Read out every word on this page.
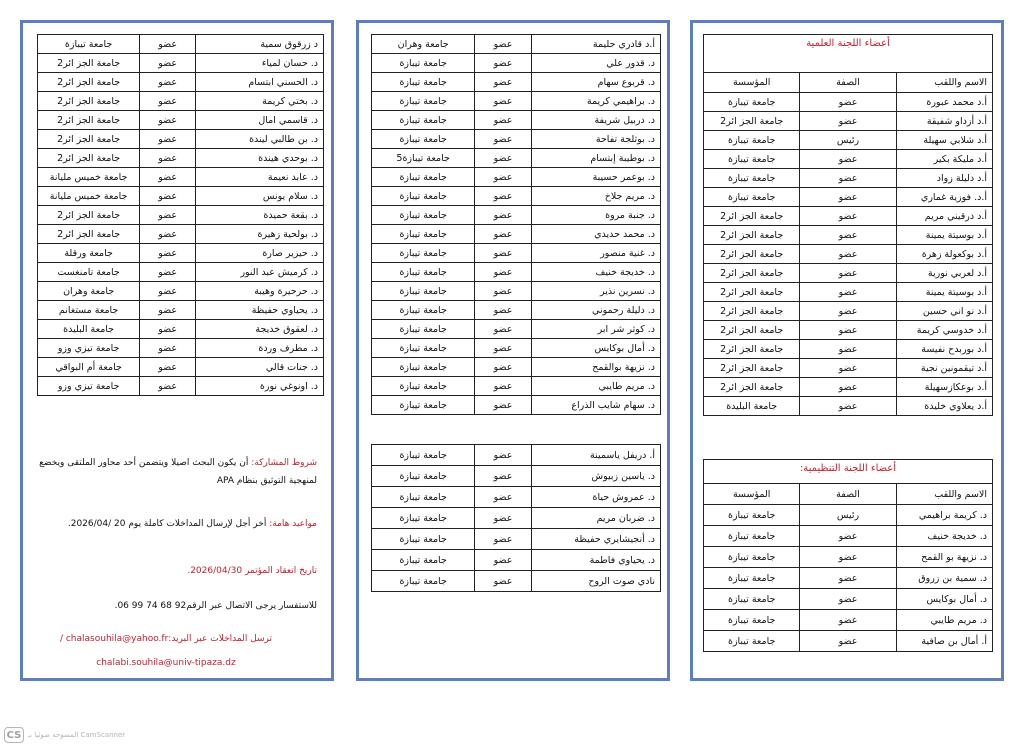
أعضاء اللجنة العلمية		
الاسم واللقب	الصفة	المؤسسة
أ.د محمد عبورة	عضو	جامعة تيبازة
أ.د أزداو شفيقة	عضو	جامعة الجز ائر2
أ.د شلابي سهيلة	رئيس	جامعة تيبازة
أ.د مليكة بكير	عضو	جامعة تيبازة
أ.د دليلة زواد	عضو	جامعة تيبازة
أ.د. فوزية غماري	عضو	جامعة تيبازة
أ.د درقيني مريم	عضو	جامعة الجز ائر2
أ.د بوسيتة يمينة	عضو	جامعة الجز ائر2
أ.د بوكعولة زهرة	عضو	جامعة الجز ائر2
أ.د لعربي نورية	عضو	جامعة الجز ائر2
أ.د بوسيتة يمينة	عضو	جامعة الجز ائر2
أ.د نو اني حسين	عضو	جامعة الجز ائر2
أ.د خدوسي كريمة	عضو	جامعة الجز ائر2
أ.د بوربدح نفيسة	عضو	جامعة الجز ائر2
أ.د تيقمونين نجية	عضو	جامعة الجز ائر2
أ.د بوعكازسهيلة	عضو	جامعة الجز ائر2
أ.د يعلاوي خليدة	عضو	جامعة البليدة
أعضاء اللجنة التنظيمية:		
الاسم واللقب	الصفة	المؤسسة
د. كريمة براهيمي	رئيس	جامعة تيبازة
د. خديجة خنيف	عضو	جامعة تيبازة
د. نزيهة بو القمح	عضو	جامعة تيبازة
د. سمية بن زروق	عضو	جامعة تيبازة
د. أمال بوكايس	عضو	جامعة تيبازة
د. مريم طايبي	عضو	جامعة تيبازة
أ. أمال بن صافية	عضو	جامعة تيبازة
أ.د قادري حليمة	عضو	جامعة وهران
د. قدور علي	عضو	جامعة تيبازة
د. قربوع سهام	عضو	جامعة تيبازة
د. براهيمي كريمة	عضو	جامعة تيبازة
د. دربيل شريفة	عضو	جامعة تيبازة
د. بوثلجة تفاحة	عضو	جامعة تيبازة
د. بوطيبة إبتسام	عضو	جامعة تيبازة5
د. بوعمر حسيبة	عضو	جامعة تيبازة
د. مريم جلاخ	عضو	جامعة تيبازة
د. جنبة مروة	عضو	جامعة تيبازة
د. محمد حديدي	عضو	جامعة تيبازة
د. غنية منصور	عضو	جامعة تيبازة
د. خديجة خنيف	عضو	جامعة تيبازة
د. نسرين نذير	عضو	جامعة تيبازة
د. دليلة رحموني	عضو	جامعة تيبازة
د. كوثر شر ابر	عضو	جامعة تيبازة
د. أمال بوكايس	عضو	جامعة تيبازة
د. نزيهة بوالقمح	عضو	جامعة تيبازة
د. مريم طايبي	عضو	جامعة تيبازة
د. سهام شايب الذراع	عضو	جامعة تيبازة
أ. دريفل ياسمينة	عضو	جامعة تيبازة
د. ياسين زبيوش	عضو	جامعة تيبازة
د. عمروش حياة	عضو	جامعة تيبازة
د. ضربان مريم	عضو	جامعة تيبازة
د. أنجيشايري حفيظة	عضو	جامعة تيبازة
د. يحياوي فاطمة	عضو	جامعة تيبازة
نادي صوت الروح	عضو	جامعة تيبازة
د زرقوق سمية	عضو	جامعة تيبازة
د. حسان لمياء	عضو	جامعة الجز ائر2
د. الحسني ابتسام	عضو	جامعة الجز ائر2
د. بختي كريمة	عضو	جامعة الجز ائر2
د. قاسمي امال	عضو	جامعة الجز ائر2
د. بن طالبي ليندة	عضو	جامعة الجز ائر2
د. بوحدي هيندة	عضو	جامعة الجز ائر2
د. عابد نعيمة	عضو	جامعة خميس مليانة
د. سلام يونس	عضو	جامعة خميس مليانة
د. بقعة حميدة	عضو	جامعة الجز ائر2
د. بولحية زهيرة	عضو	جامعة الجز ائر2
د. حيزير صارة	عضو	جامعة ورقلة
د. كرميش عبد النور	عضو	جامعة تامنغست
د. حرحيرة وهيبة	عضو	جامعة وهران
د. يحياوي حفيظة	عضو	جامعة مستغانم
د. لعقوق خديجة	عضو	جامعة البليدة
د. مطرف وردة	عضو	جامعة تيزي وزو
د. جنات قالي	عضو	جامعة أم البواقي
د. اونوغي نورة	عضو	جامعة تيزي وزو
شروط المشاركة: أن يكون البحث اصيلا ويتضمن أحد محاور الملتقى ويخضع لمنهجية التوثيق بنظام APA
مواعيد هامة: أخر أجل لإرسال المداخلات كاملة يوم 20 /2026/04.
تاريخ انعقاد المؤتمر 2026/04/30.
للاستفسار يرجى الاتصال عبر الرقم92 68 74 99 06.
ترسل المداخلات عبر البريد:chalasouhila@yahoo.fr /
chalabi.souhila@univ-tipaza.dz
CS المسوحة ضوئيا بـ CamScanner
